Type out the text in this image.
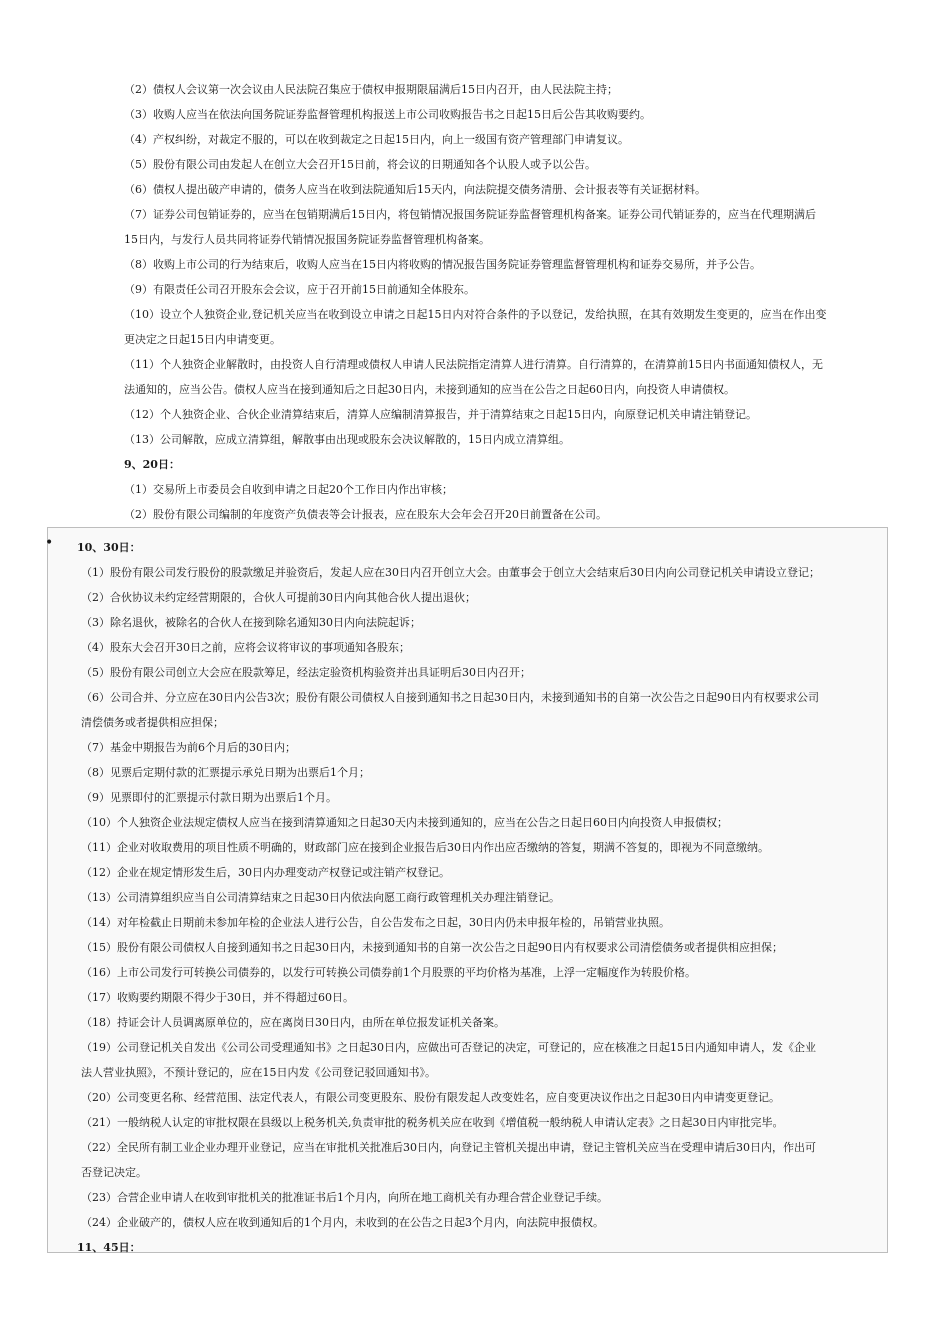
•
（2）债权人会议第一次会议由人民法院召集应于债权申报期限届满后15日内召开，由人民法院主持；
（3）收购人应当在依法向国务院证券监督管理机构报送上市公司收购报告书之日起15日后公告其收购要约。
（4）产权纠纷，对裁定不服的，可以在收到裁定之日起15日内，向上一级国有资产管理部门申请复议。
（5）股份有限公司由发起人在创立大会召开15日前，将会议的日期通知各个认股人或予以公告。
（6）债权人提出破产申请的，债务人应当在收到法院通知后15天内，向法院提交债务清册、会计报表等有关证据材料。
（7）证券公司包销证券的，应当在包销期满后15日内，将包销情况报国务院证券监督管理机构备案。证券公司代销证券的，应当在代理期满后
15日内，与发行人员共同将证券代销情况报国务院证券监督管理机构备案。
（8）收购上市公司的行为结束后，收购人应当在15日内将收购的情况报告国务院证券管理监督管理机构和证券交易所，并予公告。
（9）有限责任公司召开股东会会议，应于召开前15日前通知全体股东。
（10）设立个人独资企业,登记机关应当在收到设立申请之日起15日内对符合条件的予以登记，发给执照，在其有效期发生变更的，应当在作出变
更决定之日起15日内申请变更。
（11）个人独资企业解散时，由投资人自行清理或债权人申请人民法院指定清算人进行清算。自行清算的，在清算前15日内书面通知债权人，无
法通知的，应当公告。债权人应当在接到通知后之日起30日内，未接到通知的应当在公告之日起60日内，向投资人申请债权。
（12）个人独资企业、合伙企业清算结束后，清算人应编制清算报告，并于清算结束之日起15日内，向原登记机关申请注销登记。
（13）公司解散，应成立清算组，解散事由出现或股东会决议解散的，15日内成立清算组。
9、20日：
（1）交易所上市委员会自收到申请之日起20个工作日内作出审核；
（2）股份有限公司编制的年度资产负债表等会计报表，应在股东大会年会召开20日前置备在公司。
10、30日：
（1）股份有限公司发行股份的股款缴足并验资后，发起人应在30日内召开创立大会。由董事会于创立大会结束后30日内向公司登记机关申请设立登记；
（2）合伙协议未约定经营期限的，合伙人可提前30日内向其他合伙人提出退伙；
（3）除名退伙，被除名的合伙人在接到除名通知30日内向法院起诉；
（4）股东大会召开30日之前，应将会议将审议的事项通知各股东；
（5）股份有限公司创立大会应在股款筹足，经法定验资机构验资并出具证明后30日内召开；
（6）公司合并、分立应在30日内公告3次；股份有限公司债权人自接到通知书之日起30日内，未接到通知书的自第一次公告之日起90日内有权要求公司
清偿债务或者提供相应担保；
（7）基金中期报告为前6个月后的30日内；
（8）见票后定期付款的汇票提示承兑日期为出票后1个月；
（9）见票即付的汇票提示付款日期为出票后1个月。
（10）个人独资企业法规定债权人应当在接到清算通知之日起30天内未接到通知的，应当在公告之日起日60日内向投资人申报债权；
（11）企业对收取费用的项目性质不明确的，财政部门应在接到企业报告后30日内作出应否缴纳的答复，期满不答复的，即视为不同意缴纳。
（12）企业在规定情形发生后，30日内办理变动产权登记或注销产权登记。
（13）公司清算组织应当自公司清算结束之日起30日内依法向愿工商行政管理机关办理注销登记。
（14）对年检截止日期前未参加年检的企业法人进行公告，自公告发布之日起，30日内仍未申报年检的，吊销营业执照。
（15）股份有限公司债权人自接到通知书之日起30日内，未接到通知书的自第一次公告之日起90日内有权要求公司清偿债务或者提供相应担保；
（16）上市公司发行可转换公司债券的，以发行可转换公司债券前1个月股票的平均价格为基准，上浮一定幅度作为转股价格。
（17）收购要约期限不得少于30日，并不得超过60日。
（18）持证会计人员调离原单位的，应在离岗日30日内，由所在单位报发证机关备案。
（19）公司登记机关自发出《公司公司受理通知书》之日起30日内，应做出可否登记的决定，可登记的，应在核准之日起15日内通知申请人，发《企业
法人营业执照》，不预计登记的，应在15日内发《公司登记驳回通知书》。
（20）公司变更名称、经营范围、法定代表人，有限公司变更股东、股份有限发起人改变姓名，应自变更决议作出之日起30日内申请变更登记。
（21）一般纳税人认定的审批权限在县级以上税务机关,负责审批的税务机关应在收到《增值税一般纳税人申请认定表》之日起30日内审批完毕。
（22）全民所有制工业企业办理开业登记，应当在审批机关批准后30日内，向登记主管机关提出申请，登记主管机关应当在受理申请后30日内，作出可
否登记决定。
（23）合营企业申请人在收到审批机关的批准证书后1个月内，向所在地工商机关有办理合营企业登记手续。
（24）企业破产的，债权人应在收到通知后的1个月内，未收到的在公告之日起3个月内，向法院申报债权。
11、45日：
